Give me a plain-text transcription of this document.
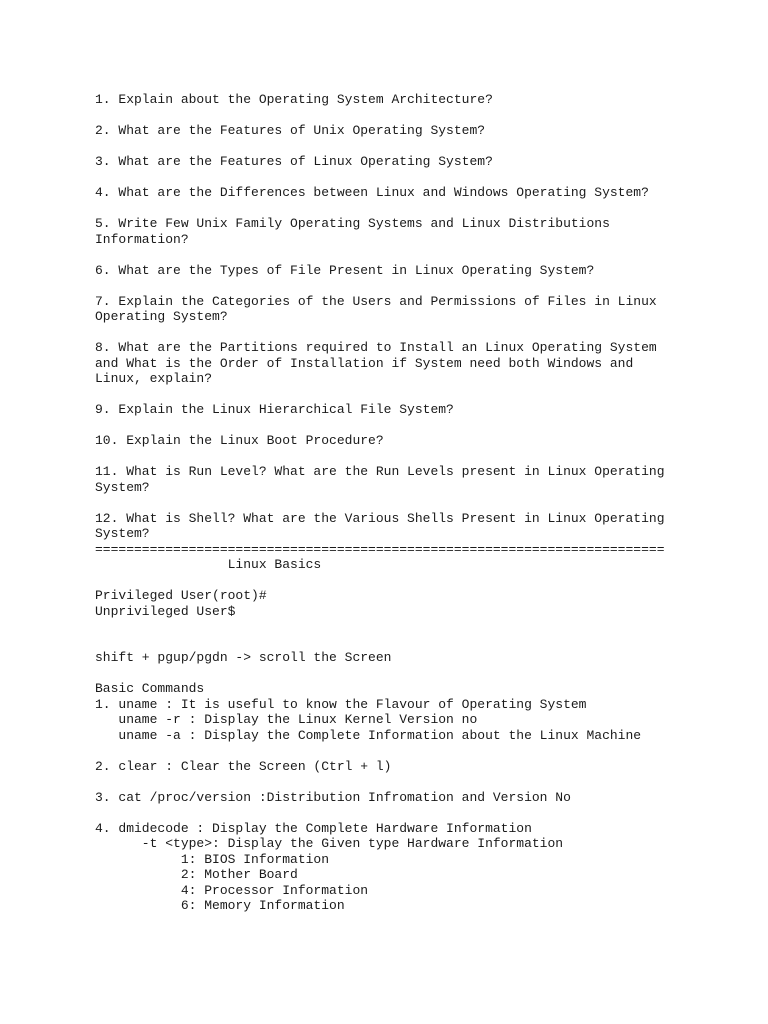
1. Explain about the Operating System Architecture?
2. What are the Features of Unix Operating System?
3. What are the Features of Linux Operating System?
4. What are the Differences between Linux and Windows Operating System?
5. Write Few Unix Family Operating Systems and Linux Distributions
Information?
6. What are the Types of File Present in Linux Operating System?
7. Explain the Categories of the Users and Permissions of Files in Linux
Operating System?
8. What are the Partitions required to Install an Linux Operating System
and What is the Order of Installation if System need both Windows and
Linux, explain?
9. Explain the Linux Hierarchical File System?
10. Explain the Linux Boot Procedure?
11. What is Run Level? What are the Run Levels present in Linux Operating
System?
12. What is Shell? What are the Various Shells Present in Linux Operating
System?
=========================================================================
Linux Basics
Privileged User(root)#
Unprivileged User$
shift + pgup/pgdn -> scroll the Screen
Basic Commands
1. uname : It is useful to know the Flavour of Operating System
uname -r : Display the Linux Kernel Version no
uname -a : Display the Complete Information about the Linux Machine
2. clear : Clear the Screen (Ctrl + l)
3. cat /proc/version :Distribution Infromation and Version No
4. dmidecode : Display the Complete Hardware Information
-t <type>: Display the Given type Hardware Information
1: BIOS Information
2: Mother Board
4: Processor Information
6: Memory Information
